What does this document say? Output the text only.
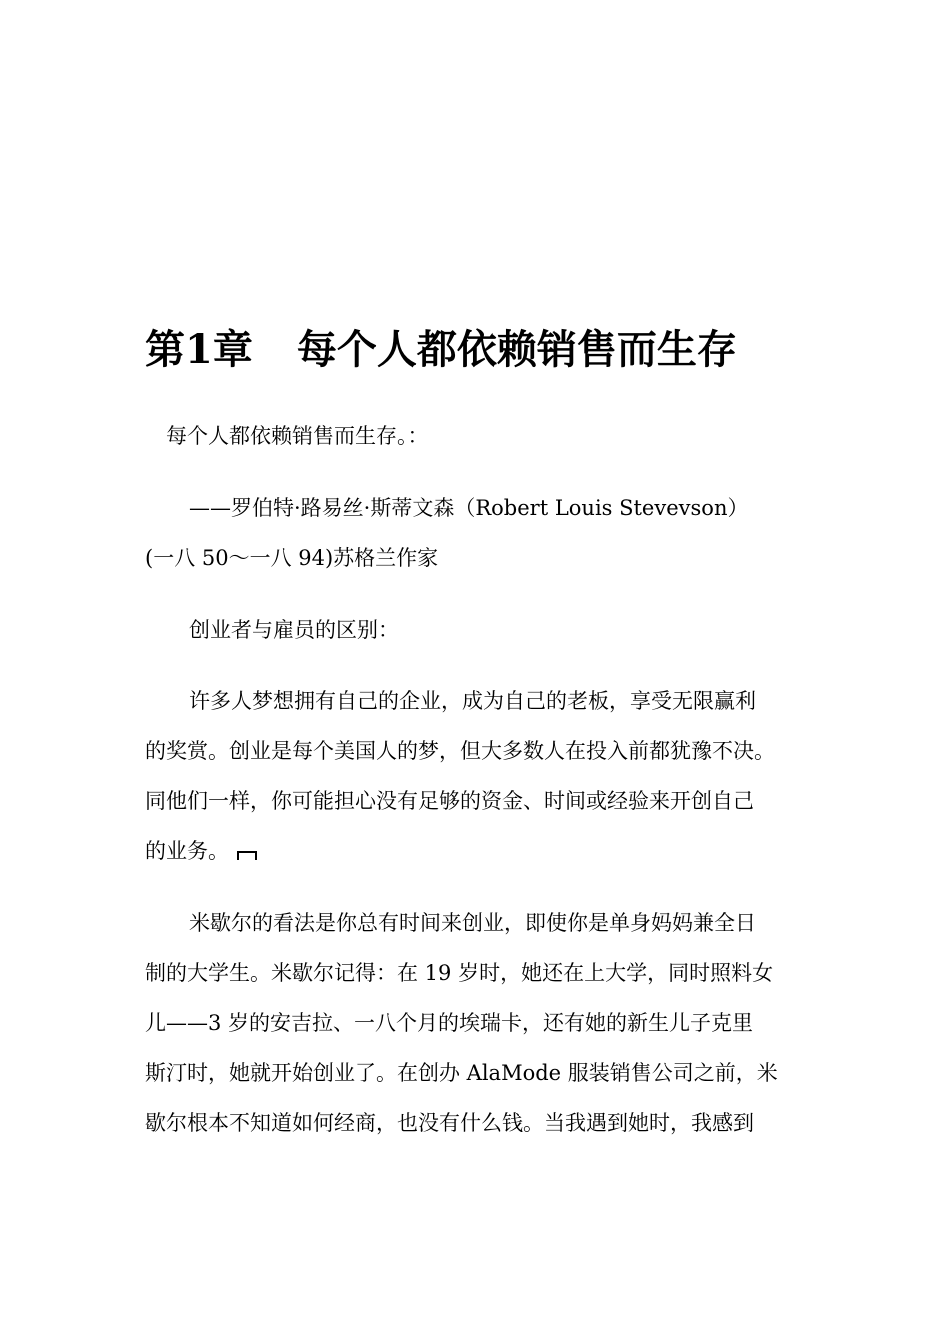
第1章 每个人都依赖销售而生存
每个人都依赖销售而生存。：
——罗伯特·路易丝·斯蒂文森（Robert Louis Stevevson）
(一八 50～一八 94)苏格兰作家
创业者与雇员的区别：
许多人梦想拥有自己的企业，成为自己的老板，享受无限赢利
的奖赏。创业是每个美国人的梦，但大多数人在投入前都犹豫不决。
同他们一样，你可能担心没有足够的资金、时间或经验来开创自己
的业务。
米歇尔的看法是你总有时间来创业，即使你是单身妈妈兼全日
制的大学生。米歇尔记得：在 19 岁时，她还在上大学，同时照料女
儿——3 岁的安吉拉、一八个月的埃瑞卡，还有她的新生儿子克里
斯汀时，她就开始创业了。在创办 AlaMode 服装销售公司之前，米
歇尔根本不知道如何经商，也没有什么钱。当我遇到她时，我感到
